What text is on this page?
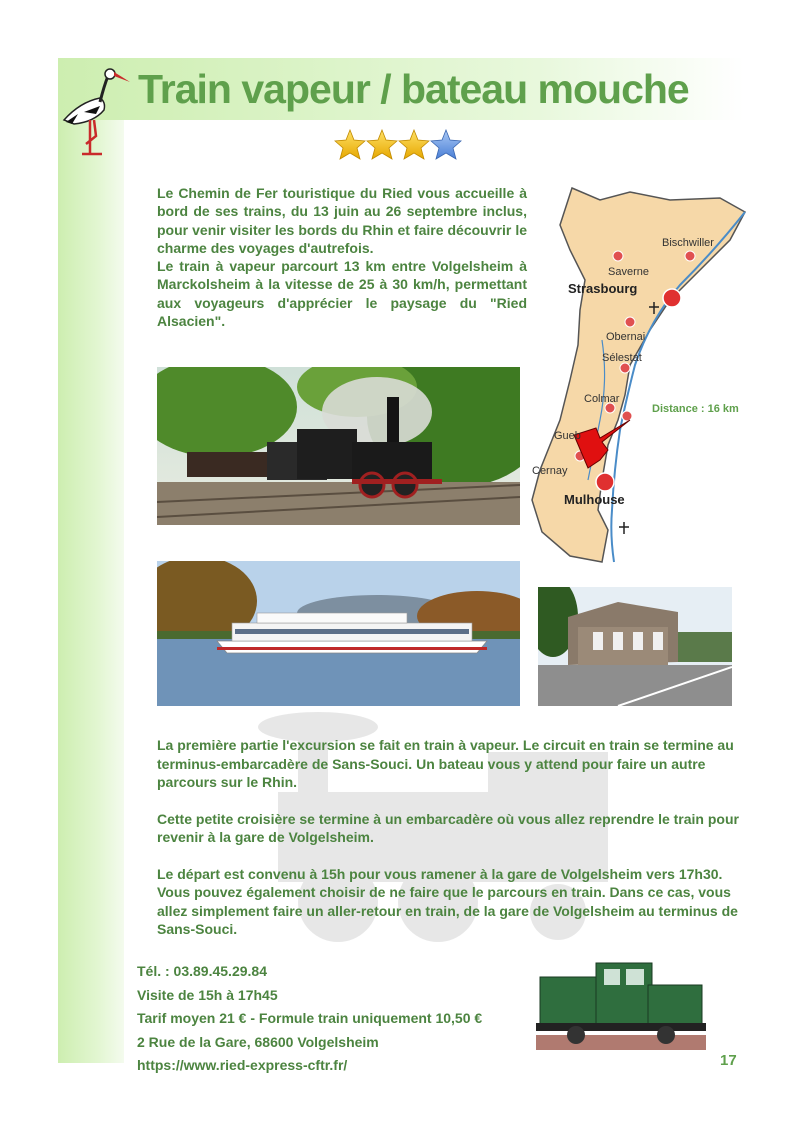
Train vapeur / bateau mouche

Le Chemin de Fer touristique du Ried vous accueille à bord de ses trains, du 13 juin au 26 septembre inclus, pour venir visiter les bords du Rhin et faire découvrir le charme des voyages d'autrefois.

Le train à vapeur parcourt 13 km entre Volgelsheim à Marckolsheim à la vitesse de 25 à 30 km/h, permettant aux voyageurs d'apprécier le paysage du "Ried Alsacien".

Bischwiller
Saverne
Strasbourg
Obernai
Sélestat
Colmar
Distance : 16 km
Gueb
Cernay
Mulhouse

La première partie l'excursion se fait en train à vapeur. Le circuit en train se termine au terminus-embarcadère de Sans-Souci. Un bateau vous y attend pour faire un autre parcours sur le Rhin.

Cette petite croisière se termine à un embarcadère où vous allez reprendre le train pour revenir à la gare de Volgelsheim.

Le départ est convenu à 15h pour vous ramener à la gare de Volgelsheim vers 17h30. Vous pouvez également choisir de ne faire que le parcours en train. Dans ce cas, vous allez simplement faire un aller-retour en train, de la gare de Volgelsheim au terminus de Sans-Souci.

Tél. : 03.89.45.29.84
Visite de 15h à 17h45
Tarif moyen 21 € - Formule train uniquement 10,50 €
2 Rue de la Gare, 68600 Volgelsheim
https://www.ried-express-cftr.fr/	17
